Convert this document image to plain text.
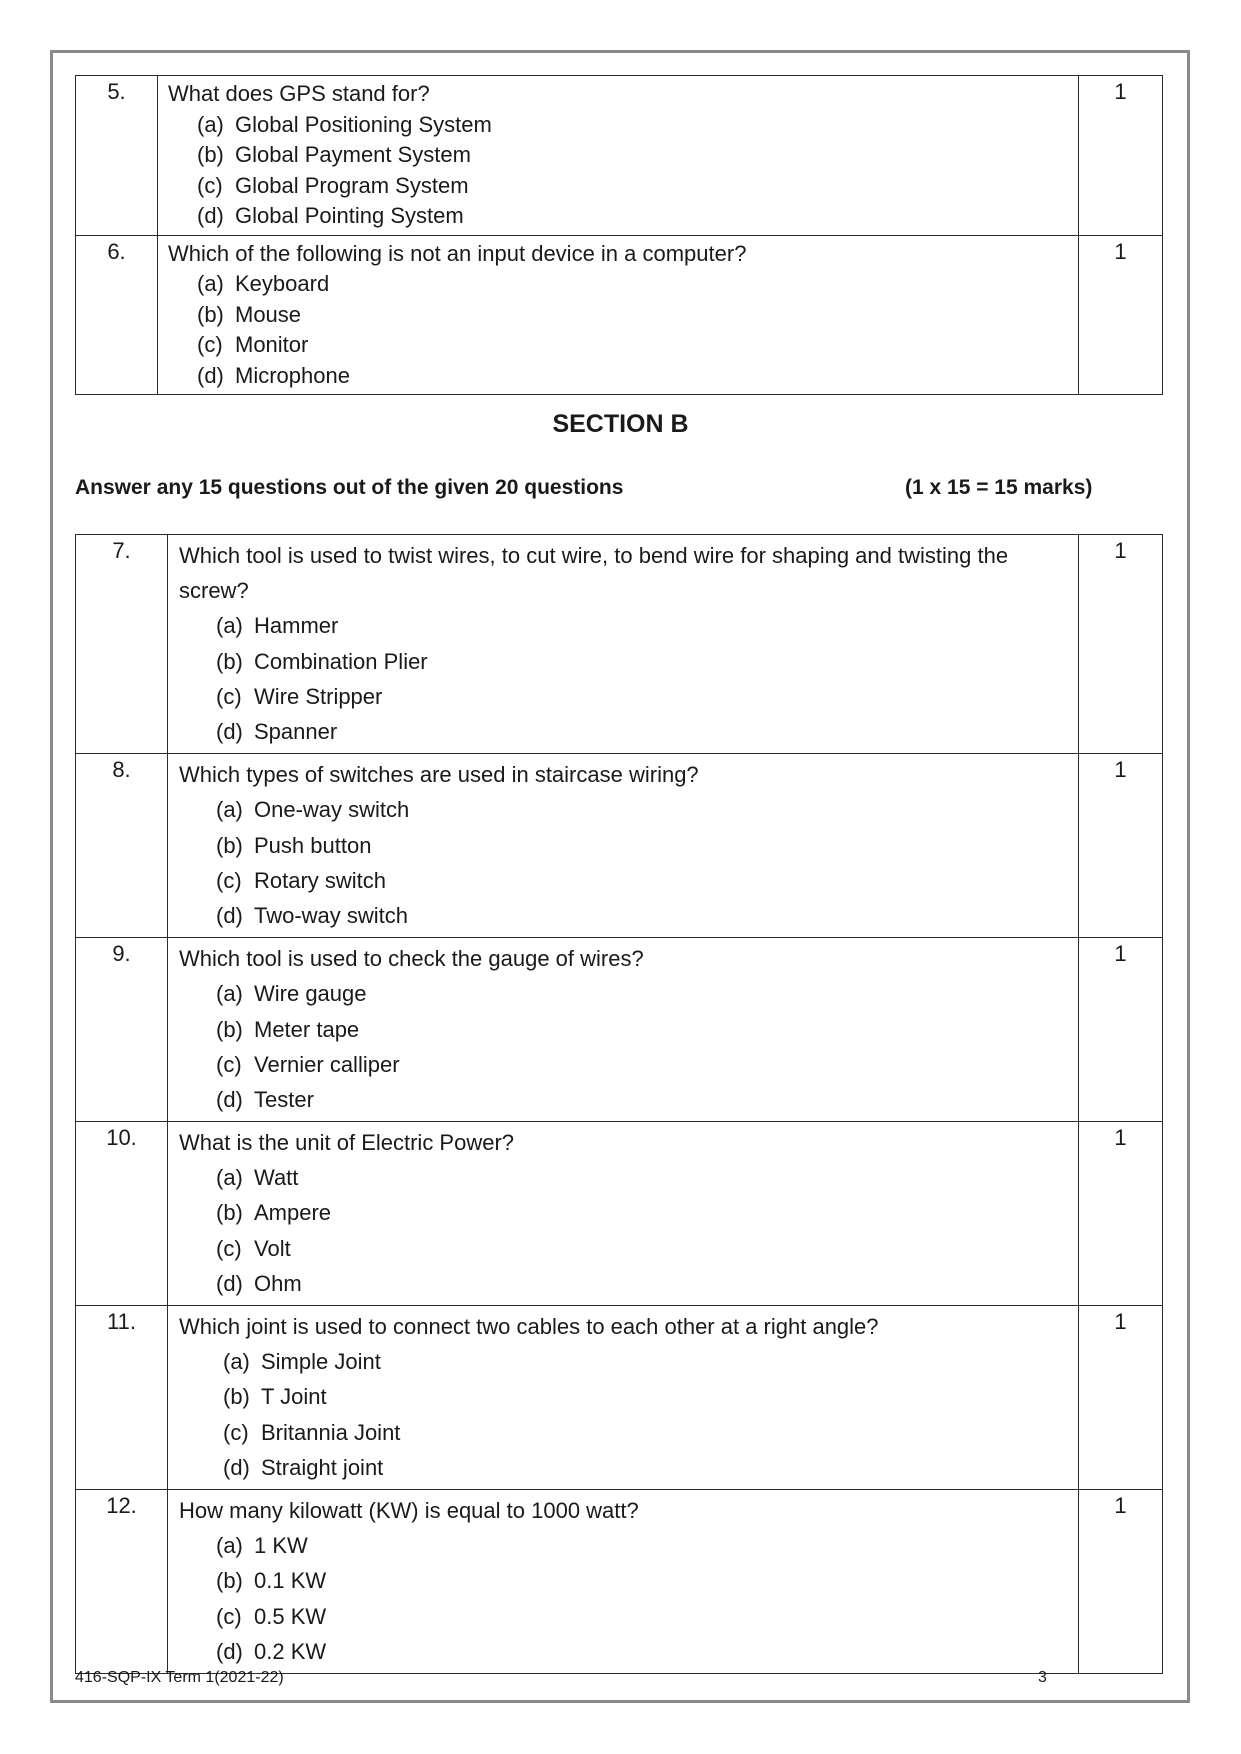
5.	What does GPS stand for?
(a) Global Positioning System
(b) Global Payment System
(c) Global Program System
(d) Global Pointing System	1
6.	Which of the following is not an input device in a computer?
(a) Keyboard
(b) Mouse
(c) Monitor
(d) Microphone	1
SECTION B
Answer any 15 questions out of the given 20 questions	(1 x 15 = 15 marks)
7.	Which tool is used to twist wires, to cut wire, to bend wire for shaping and twisting the screw?
(a) Hammer
(b) Combination Plier
(c) Wire Stripper
(d) Spanner	1
8.	Which types of switches are used in staircase wiring?
(a) One-way switch
(b) Push button
(c) Rotary switch
(d) Two-way switch	1
9.	Which tool is used to check the gauge of wires?
(a) Wire gauge
(b) Meter tape
(c) Vernier calliper
(d) Tester	1
10.	What is the unit of Electric Power?
(a) Watt
(b) Ampere
(c) Volt
(d) Ohm	1
11.	Which joint is used to connect two cables to each other at a right angle?
(a) Simple Joint
(b) T Joint
(c) Britannia Joint
(d) Straight joint	1
12.	How many kilowatt (KW) is equal to 1000 watt?
(a) 1 KW
(b) 0.1 KW
(c) 0.5 KW
(d) 0.2 KW	1
416-SQP-IX Term 1(2021-22)	3
